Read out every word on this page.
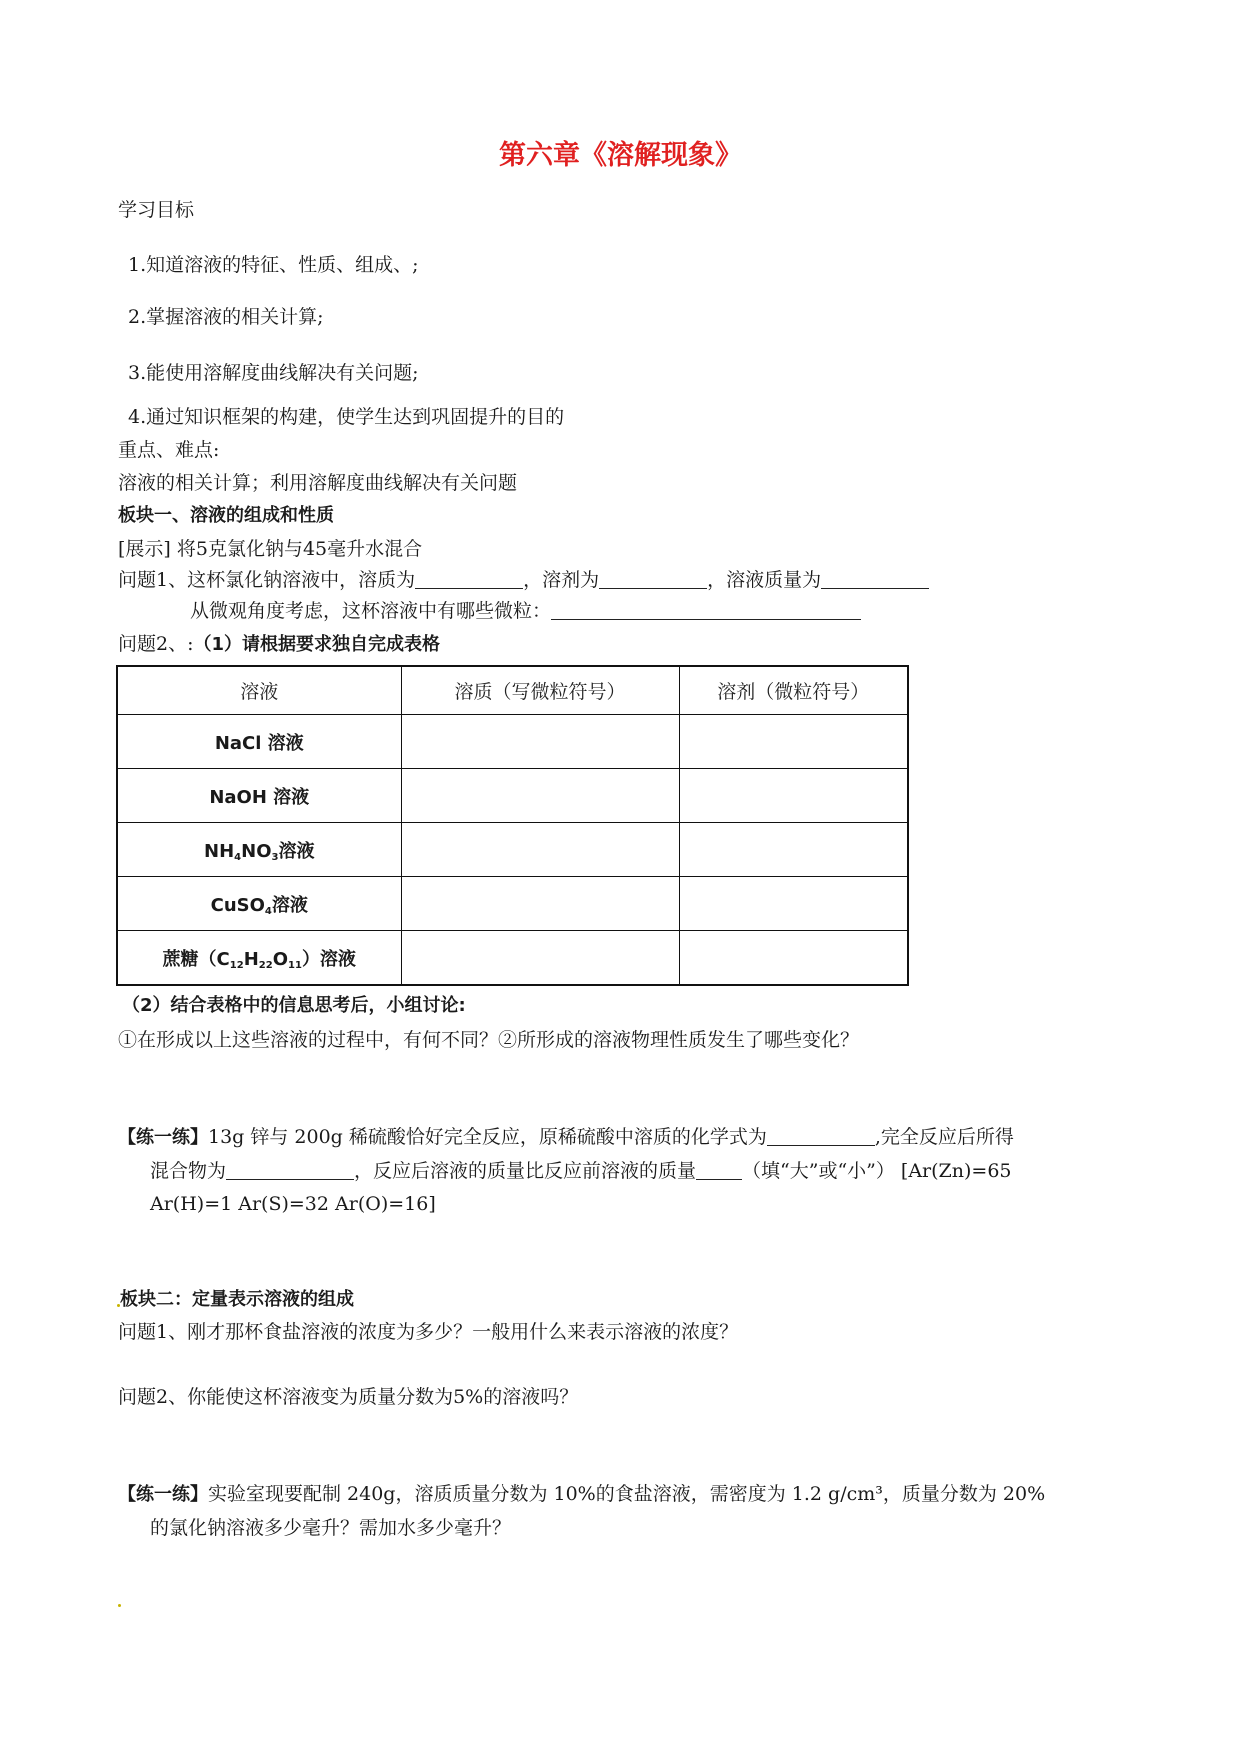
第六章《溶解现象》
学习目标
1.知道溶液的特征、性质、组成、;
2.掌握溶液的相关计算;
3.能使用溶解度曲线解决有关问题;
4.通过知识框架的构建，使学生达到巩固提升的目的
重点、难点:
溶液的相关计算；利用溶解度曲线解决有关问题
板块一、溶液的组成和性质
[展示] 将5克氯化钠与45毫升水混合
问题1、这杯氯化钠溶液中，溶质为	，溶剂为	，溶液质量为
从微观角度考虑，这杯溶液中有哪些微粒：
问题2、:（1）请根据要求独自完成表格
溶液	溶质（写微粒符号）	溶剂（微粒符号）
NaCl 溶液		
NaOH 溶液		
$NH_4NO_3$溶液		
CuSO$_4$溶液		
蔗糖$(C_{12}H_{22}O_{11})$溶液		
（2）结合表格中的信息思考后，小组讨论:
①在形成以上这些溶液的过程中，有何不同？②所形成的溶液物理性质发生了哪些变化？
【练一练】13g 锌与 200g 稀硫酸恰好完全反应，原稀硫酸中溶质的化学式为	,完全反应后所得
混合物为	，反应后溶液的质量比反应前溶液的质量 （填“大”或“小”） [Ar(Zn)=65
Ar(H)=1 Ar(S)=32 Ar(O)=16]
板块二：定量表示溶液的组成
问题1、刚才那杯食盐溶液的浓度为多少？一般用什么来表示溶液的浓度？
问题2、你能使这杯溶液变为质量分数为5%的溶液吗？
【练一练】实验室现要配制 240g，溶质质量分数为 10%的食盐溶液，需密度为 1.2 g/cm³，质量分数为 20%
的氯化钠溶液多少毫升？需加水多少毫升？
